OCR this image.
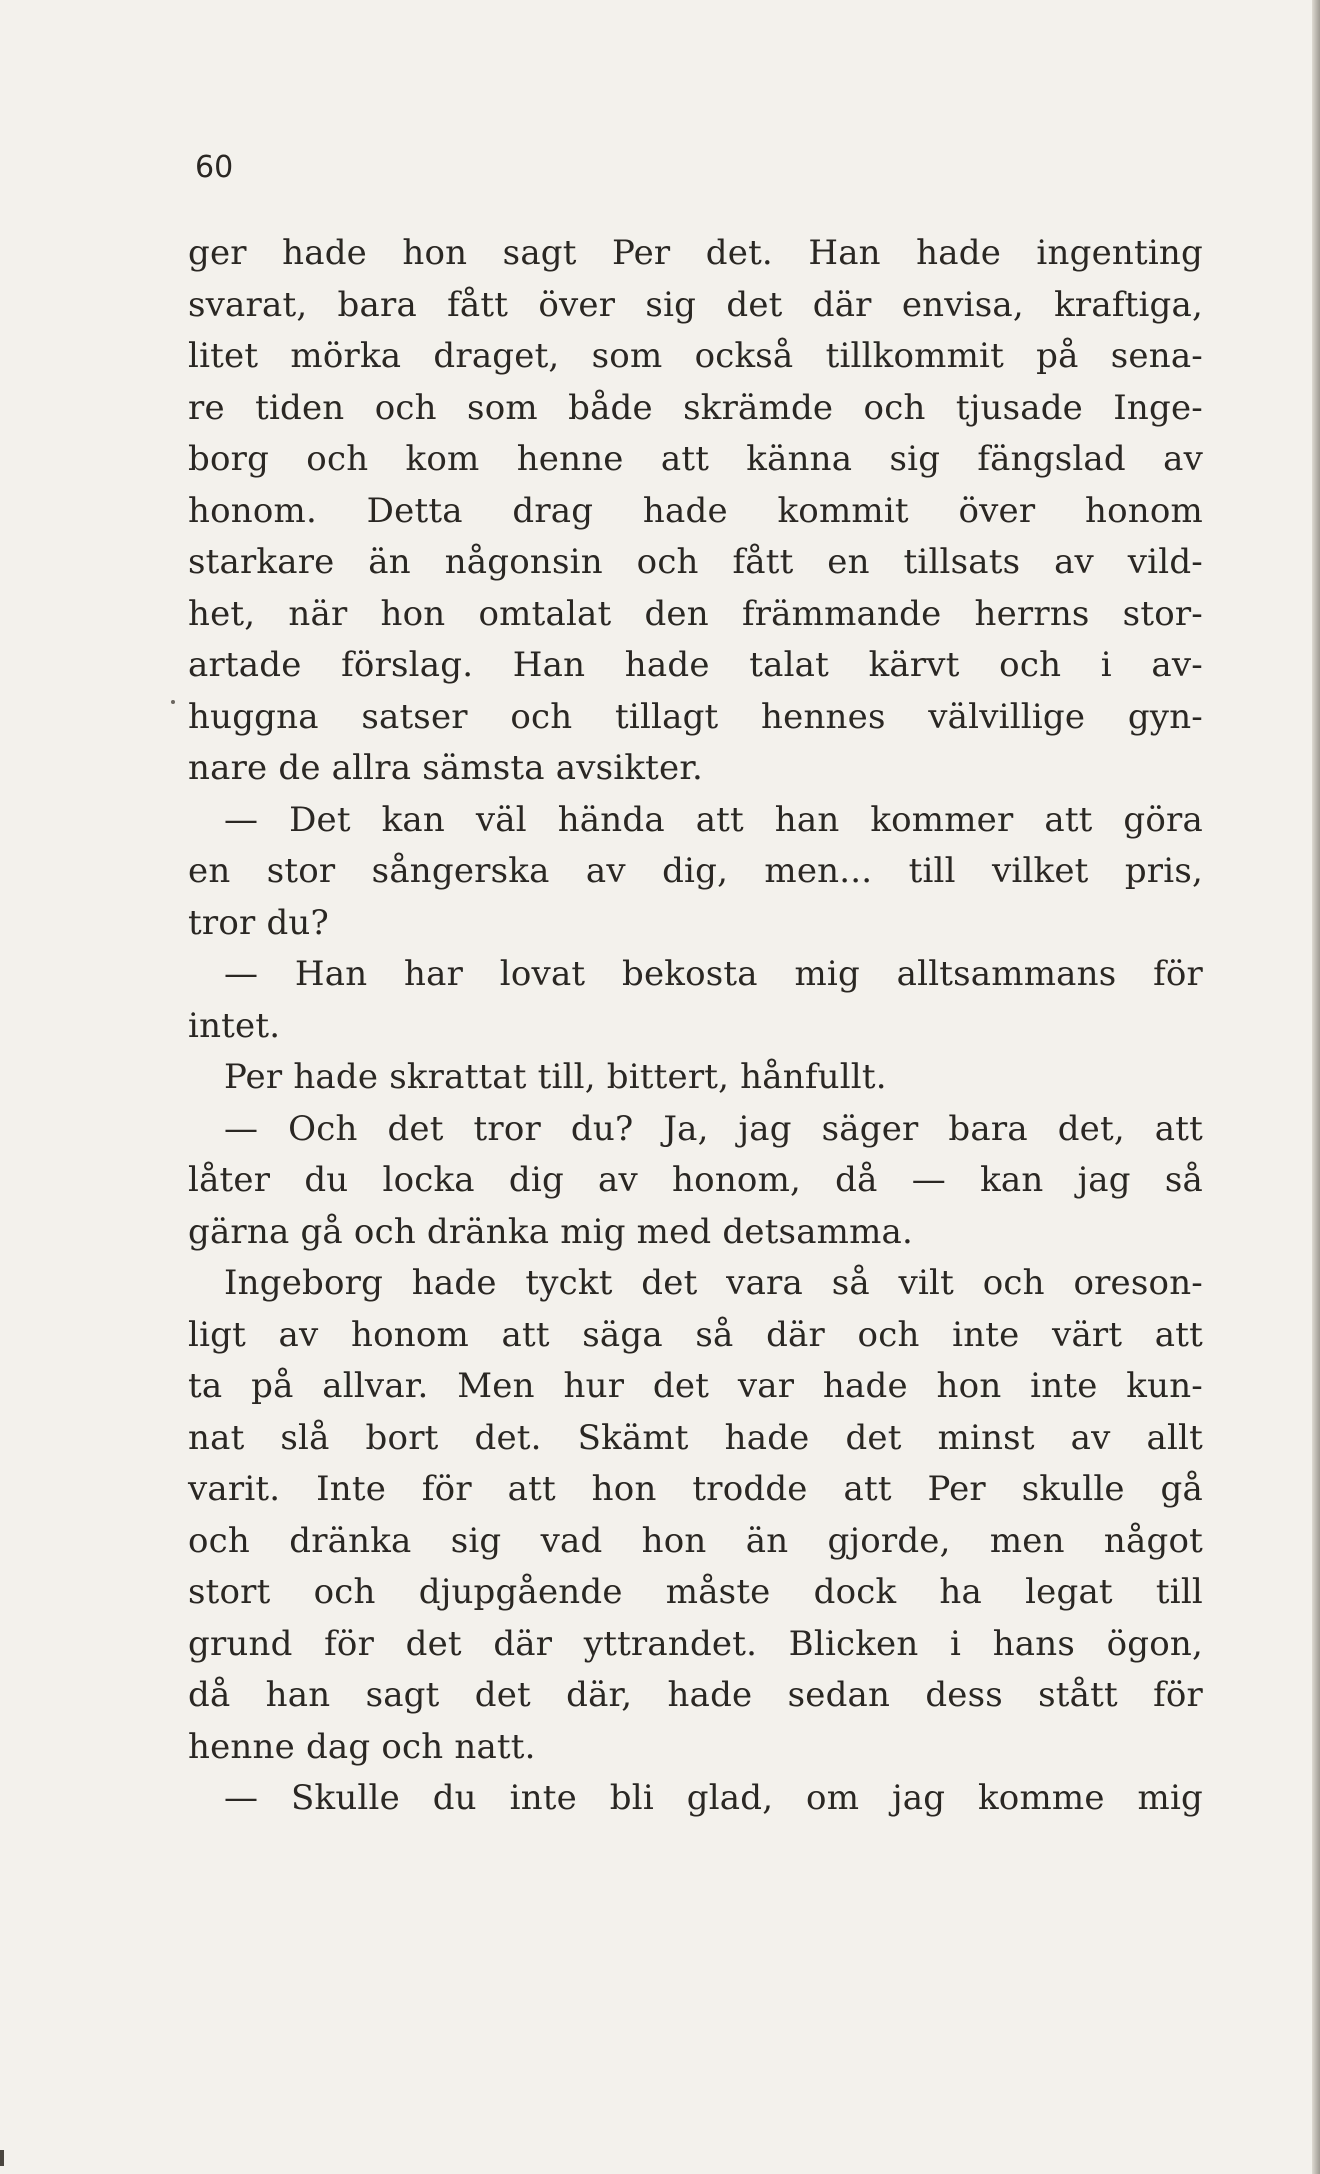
60
ger hade hon sagt Per det. Han hade ingenting
svarat, bara fått över sig det där envisa, kraftiga,
litet mörka draget, som också tillkommit på sena-
re tiden och som både skrämde och tjusade Inge-
borg och kom henne att känna sig fängslad av
honom. Detta drag hade kommit över honom
starkare än någonsin och fått en tillsats av vild-
het, när hon omtalat den främmande herrns stor-
artade förslag. Han hade talat kärvt och i av-
huggna satser och tillagt hennes välvillige gyn-
nare de allra sämsta avsikter.
— Det kan väl hända att han kommer att göra
en stor sångerska av dig, men... till vilket pris,
tror du?
— Han har lovat bekosta mig alltsammans för
intet.
Per hade skrattat till, bittert, hånfullt.
— Och det tror du? Ja, jag säger bara det, att
låter du locka dig av honom, då — kan jag så
gärna gå och dränka mig med detsamma.
Ingeborg hade tyckt det vara så vilt och oreson-
ligt av honom att säga så där och inte värt att
ta på allvar. Men hur det var hade hon inte kun-
nat slå bort det. Skämt hade det minst av allt
varit. Inte för att hon trodde att Per skulle gå
och dränka sig vad hon än gjorde, men något
stort och djupgående måste dock ha legat till
grund för det där yttrandet. Blicken i hans ögon,
då han sagt det där, hade sedan dess stått för
henne dag och natt.
— Skulle du inte bli glad, om jag komme mig
